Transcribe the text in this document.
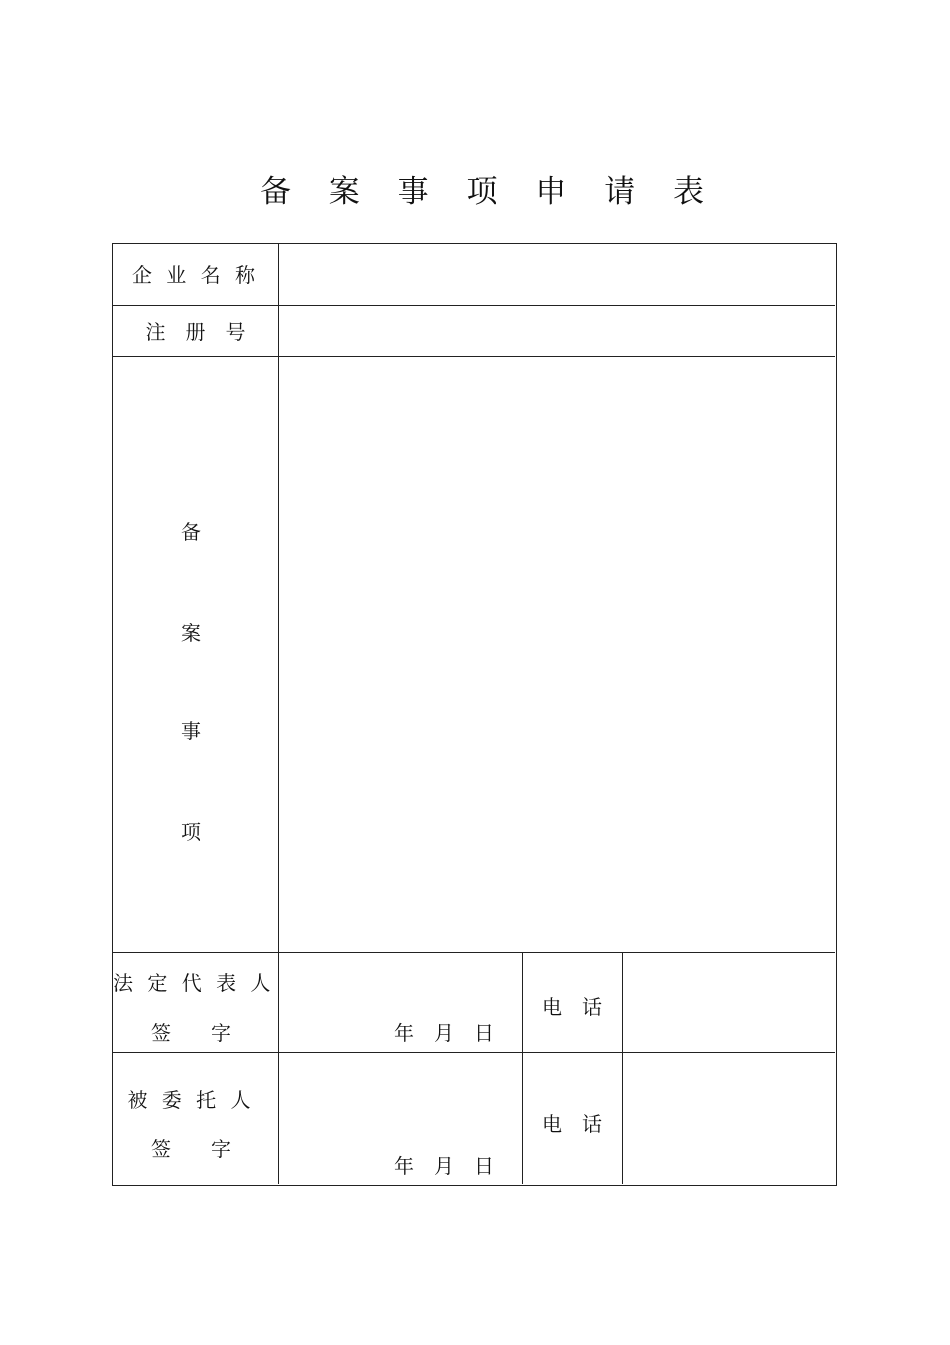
备 案 事 项 申 请 表
企 业 名 称
注　册　号
备
案
事
项
法 定 代 表 人
签　　字	年　月　日
电　话
被 委 托 人
签　　字
年　月　日
电　话
